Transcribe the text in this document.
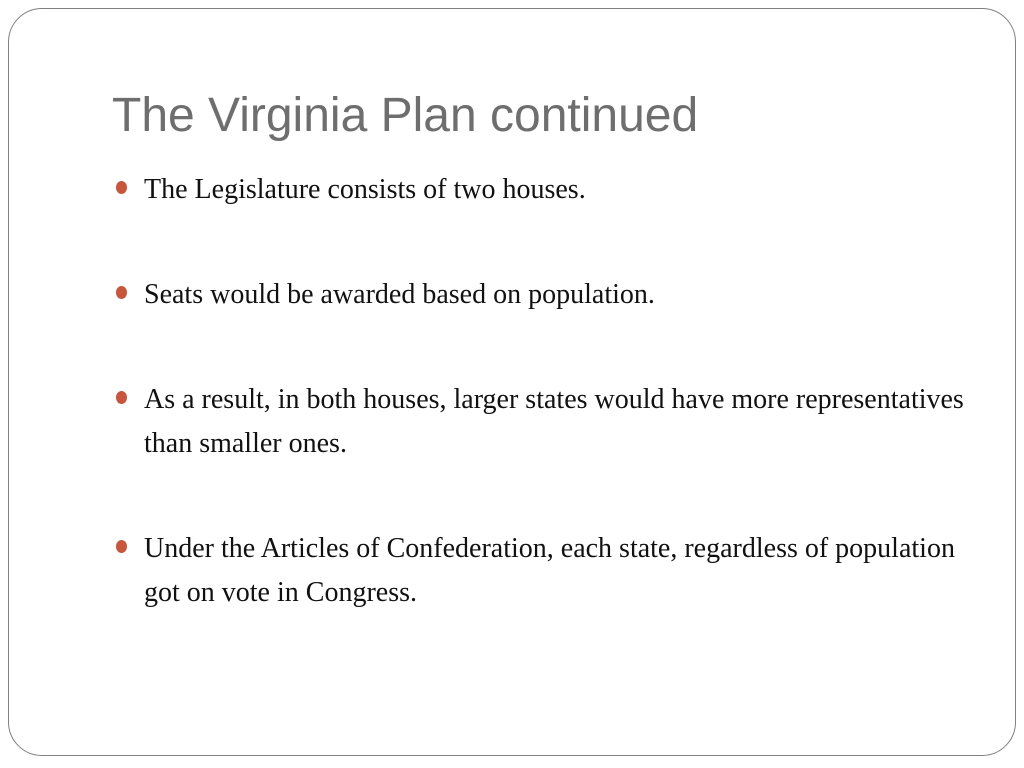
The Virginia Plan continued
The Legislature consists of two houses.
Seats would be awarded based on population.
As a result, in both houses, larger states would have more representatives than smaller ones.
Under the Articles of Confederation, each state, regardless of population got on vote in Congress.
